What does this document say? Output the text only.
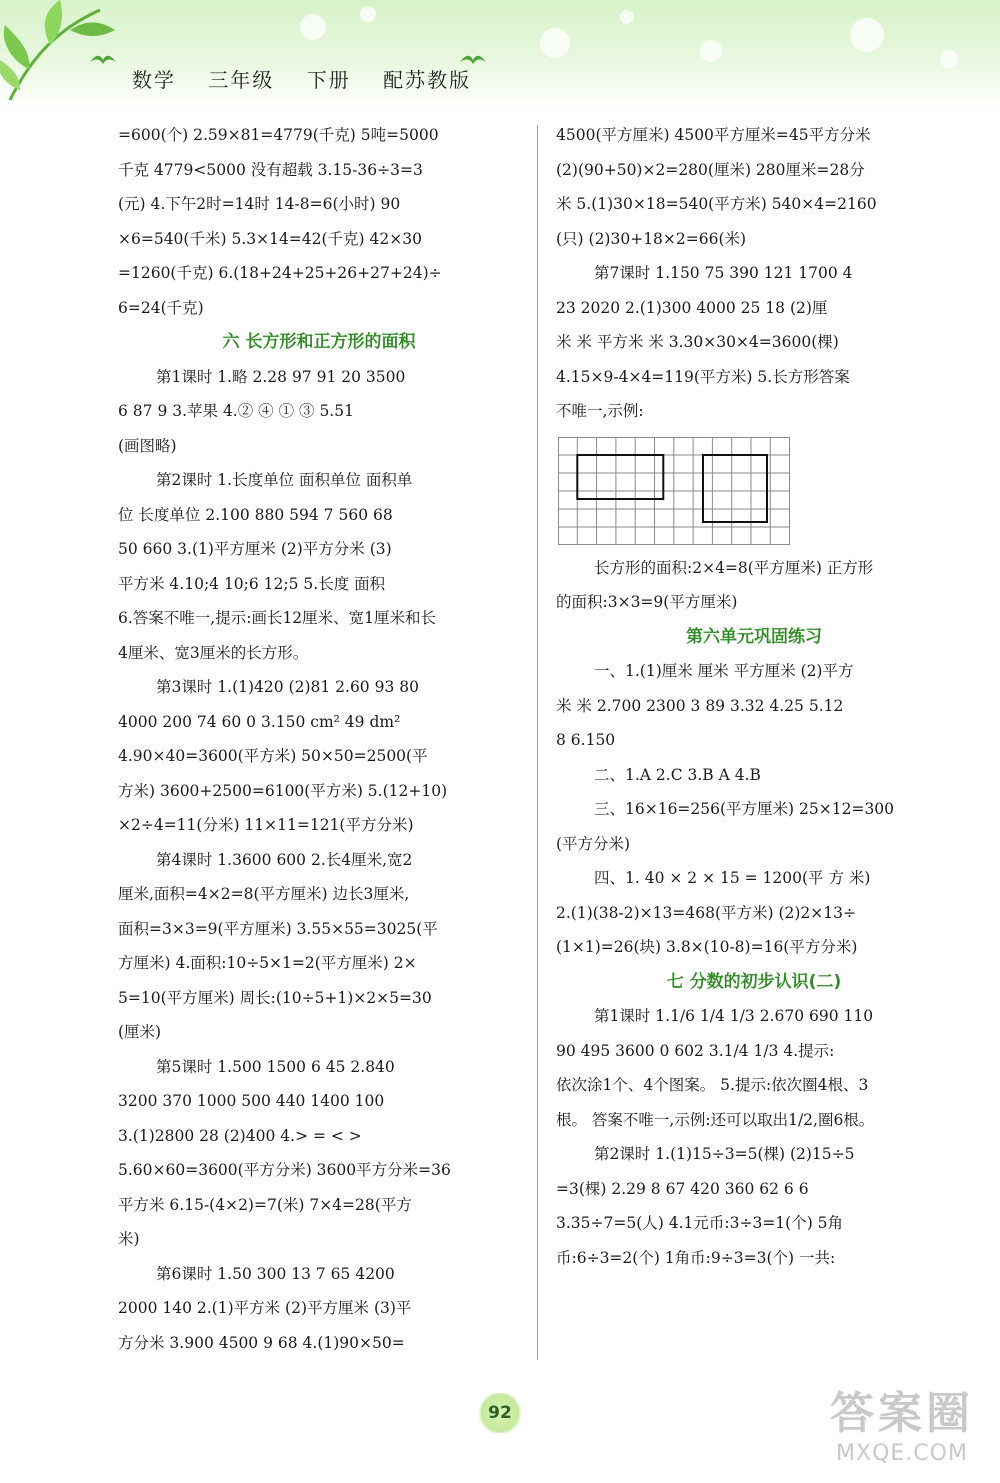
数学 三年级 下册 配苏教版
=600(个) 2.59×81=4779(千克) 5吨=5000
千克 4779<5000 没有超载 3.15-36÷3=3
(元) 4.下午2时=14时 14-8=6(小时) 90
×6=540(千米) 5.3×14=42(千克) 42×30
=1260(千克) 6.(18+24+25+26+27+24)÷
6=24(千克)
六 长方形和正方形的面积
第1课时 1.略 2.28 97 91 20 3500
6 87 9 3.苹果 4.② ④ ① ③ 5.51
(画图略)
第2课时 1.长度单位 面积单位 面积单
位 长度单位 2.100 880 594 7 560 68
50 660 3.(1)平方厘米 (2)平方分米 (3)
平方米 4.10;4 10;6 12;5 5.长度 面积
6.答案不唯一,提示:画长12厘米、宽1厘米和长
4厘米、宽3厘米的长方形。
第3课时 1.(1)420 (2)81 2.60 93 80
4000 200 74 60 0 3.150 cm² 49 dm²
4.90×40=3600(平方米) 50×50=2500(平
方米) 3600+2500=6100(平方米) 5.(12+10)
×2÷4=11(分米) 11×11=121(平方分米)
第4课时 1.3600 600 2.长4厘米,宽2
厘米,面积=4×2=8(平方厘米) 边长3厘米,
面积=3×3=9(平方厘米) 3.55×55=3025(平
方厘米) 4.面积:10÷5×1=2(平方厘米) 2×
5=10(平方厘米) 周长:(10÷5+1)×2×5=30
(厘米)
第5课时 1.500 1500 6 45 2.840
3200 370 1000 500 440 1400 100
3.(1)2800 28 (2)400 4.> = < >
5.60×60=3600(平方分米) 3600平方分米=36
平方米 6.15-(4×2)=7(米) 7×4=28(平方
米)
第6课时 1.50 300 13 7 65 4200
2000 140 2.(1)平方米 (2)平方厘米 (3)平
方分米 3.900 4500 9 68 4.(1)90×50=
4500(平方厘米) 4500平方厘米=45平方分米
(2)(90+50)×2=280(厘米) 280厘米=28分
米 5.(1)30×18=540(平方米) 540×4=2160
(只) (2)30+18×2=66(米)
第7课时 1.150 75 390 121 1700 4
23 2020 2.(1)300 4000 25 18 (2)厘
米 米 平方米 米 3.30×30×4=3600(棵)
4.15×9-4×4=119(平方米) 5.长方形答案
不唯一,示例:
长方形的面积:2×4=8(平方厘米) 正方形
的面积:3×3=9(平方厘米)
第六单元巩固练习
一、1.(1)厘米 厘米 平方厘米 (2)平方
米 米 2.700 2300 3 89 3.32 4.25 5.12
8 6.150
二、1.A 2.C 3.B A 4.B
三、16×16=256(平方厘米) 25×12=300
(平方分米)
四、1. 40 × 2 × 15 = 1200(平 方 米)
2.(1)(38-2)×13=468(平方米) (2)2×13÷
(1×1)=26(块) 3.8×(10-8)=16(平方分米)
七 分数的初步认识(二)
第1课时 1.1/6 1/4 1/3 2.670 690 110
90 495 3600 0 602 3.1/4 1/3 4.提示:
依次涂1个、4个图案。 5.提示:依次圈4根、3
根。 答案不唯一,示例:还可以取出1/2,圈6根。
第2课时 1.(1)15÷3=5(棵) (2)15÷5
=3(棵) 2.29 8 67 420 360 62 6 6
3.35÷7=5(人) 4.1元币:3÷3=1(个) 5角
币:6÷3=2(个) 1角币:9÷3=3(个) 一共:
92	答案圈
MXQE.COM
